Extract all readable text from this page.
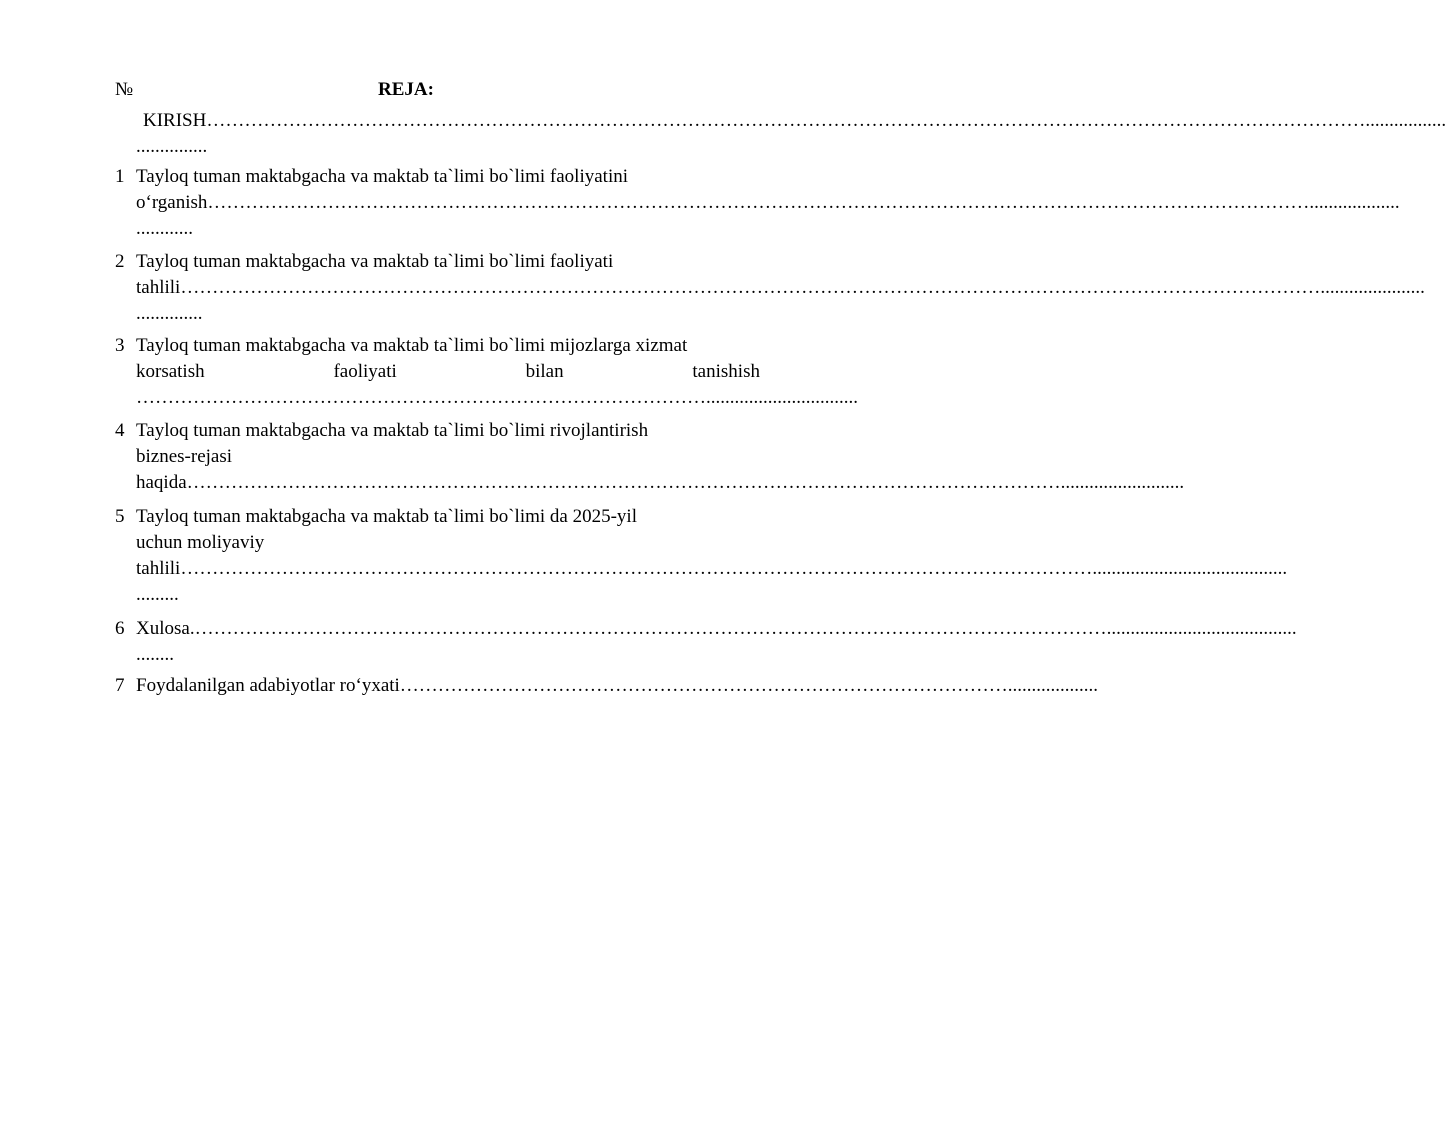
№	REJA:
KIRISH………………………………………………………………………………………………………………………………………………………………….................
...............
1 Tayloq tuman maktabgacha va maktab ta`limi bo`limi faoliyatini
o‘rganish…………………………………………………………………………………………………………………………………………………………...................
............
2 Tayloq tuman maktabgacha va maktab ta`limi bo`limi faoliyati
tahlili………………………………………………………………………………………………………………………………………………………………......................
..............
3 Tayloq tuman maktabgacha va maktab ta`limi bo`limi mijozlarga xizmat
korsatish	faoliyati	bilan	tanishish
………………………………………………………………………………................................
4 Tayloq tuman maktabgacha va maktab ta`limi bo`limi rivojlantirish
biznes-rejasi
haqida…………………………………………………………………………………………………………………………..........................
5 Tayloq tuman maktabgacha va maktab ta`limi bo`limi da 2025-yil
uchun moliyaviy
tahlili……………………………………………………………………………………………………………………………….........................................
.........
6 Xulosa.………………………………………………………………………………………………………………………………........................................
........
7 Foydalanilgan adabiyotlar ro‘yxati……………………………………………………………………………………...................
